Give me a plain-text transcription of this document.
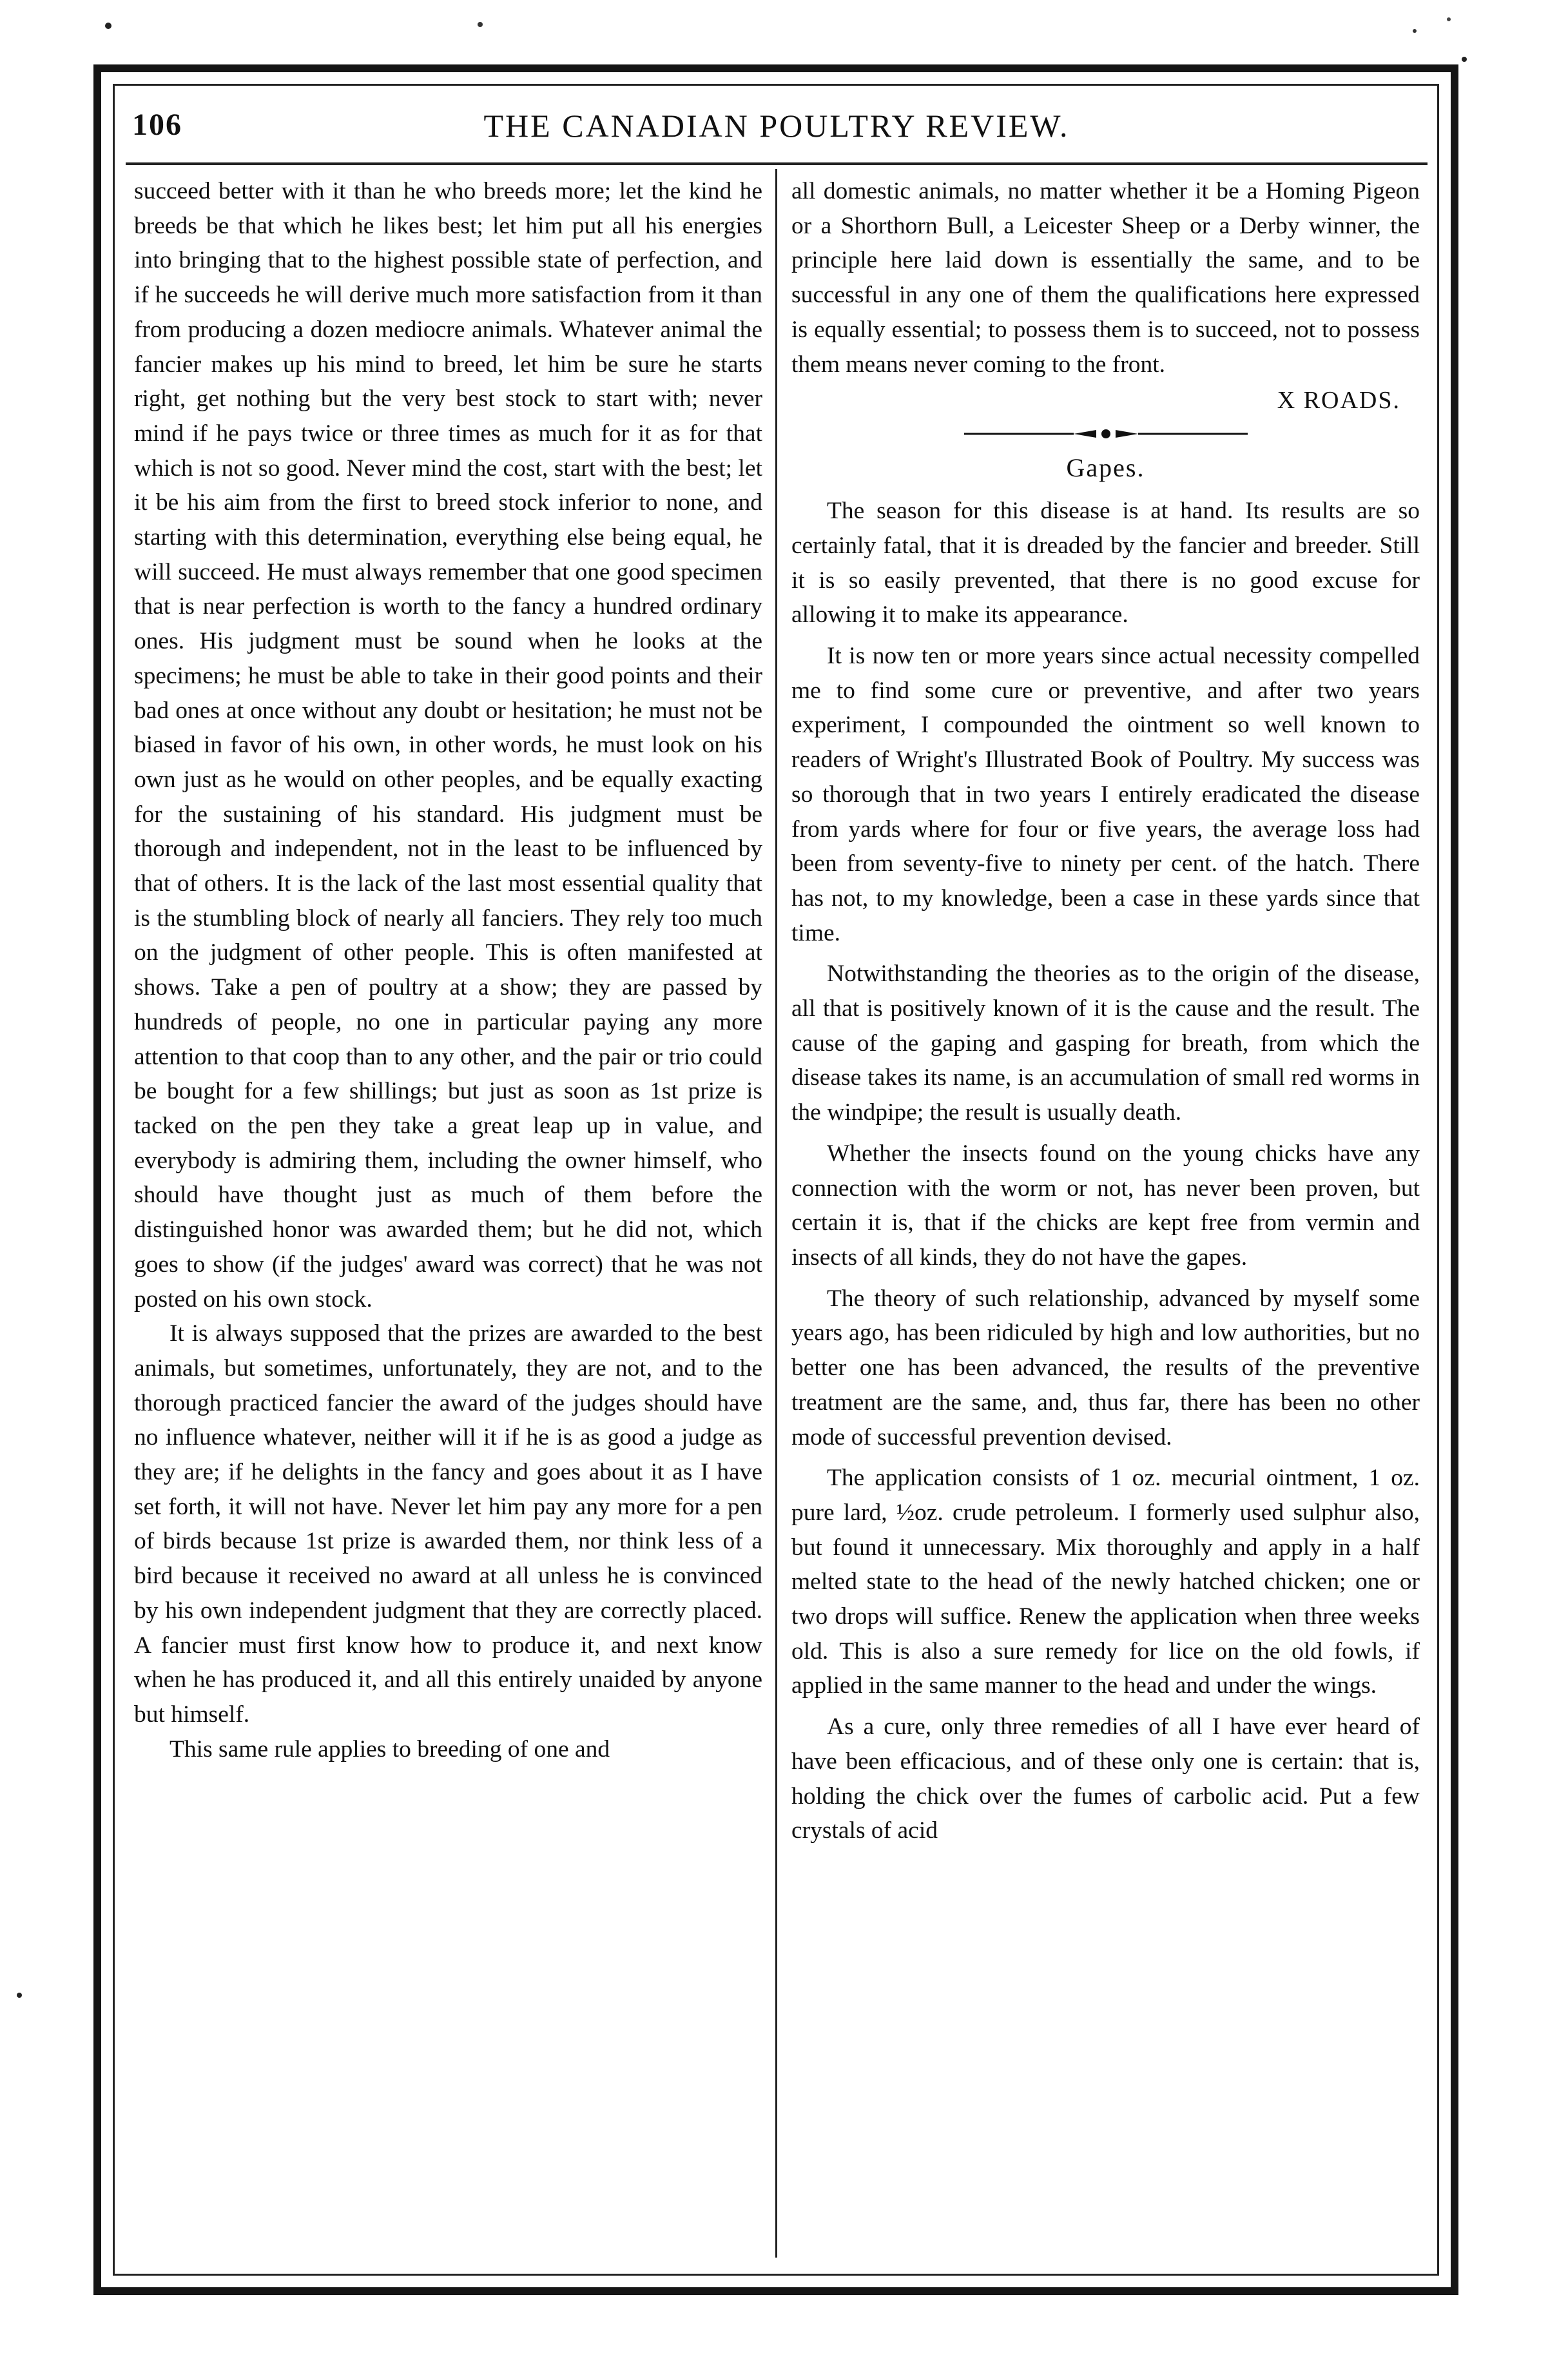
106	THE CANADIAN POULTRY REVIEW.

succeed better with it than he who breeds more; let the kind he breeds be that which he likes best; let him put all his energies into bringing that to the highest possible state of perfection, and if he succeeds he will derive much more satisfaction from it than from producing a dozen mediocre animals. Whatever animal the fancier makes up his mind to breed, let him be sure he starts right, get nothing but the very best stock to start with; never mind if he pays twice or three times as much for it as for that which is not so good. Never mind the cost, start with the best; let it be his aim from the first to breed stock inferior to none, and starting with this determination, everything else being equal, he will succeed. He must always remember that one good specimen that is near perfection is worth to the fancy a hundred ordinary ones. His judgment must be sound when he looks at the specimens; he must be able to take in their good points and their bad ones at once without any doubt or hesitation; he must not be biased in favor of his own, in other words, he must look on his own just as he would on other peoples, and be equally exacting for the sustaining of his standard. His judgment must be thorough and independent, not in the least to be influenced by that of others. It is the lack of the last most essential quality that is the stumbling block of nearly all fanciers. They rely too much on the judgment of other people. This is often manifested at shows. Take a pen of poultry at a show; they are passed by hundreds of people, no one in particular paying any more attention to that coop than to any other, and the pair or trio could be bought for a few shillings; but just as soon as 1st prize is tacked on the pen they take a great leap up in value, and everybody is admiring them, including the owner himself, who should have thought just as much of them before the distinguished honor was awarded them; but he did not, which goes to show (if the judges' award was correct) that he was not posted on his own stock.

It is always supposed that the prizes are awarded to the best animals, but sometimes, unfortunately, they are not, and to the thorough practiced fancier the award of the judges should have no influence whatever, neither will it if he is as good a judge as they are; if he delights in the fancy and goes about it as I have set forth, it will not have. Never let him pay any more for a pen of birds because 1st prize is awarded them, nor think less of a bird because it received no award at all unless he is convinced by his own independent judgment that they are correctly placed. A fancier must first know how to produce it, and next know when he has produced it, and all this entirely unaided by anyone but himself.

This same rule applies to breeding of one and

all domestic animals, no matter whether it be a Homing Pigeon or a Shorthorn Bull, a Leicester Sheep or a Derby winner, the principle here laid down is essentially the same, and to be successful in any one of them the qualifications here expressed is equally essential; to possess them is to succeed, not to possess them means never coming to the front.

X ROADS.
Gapes.

The season for this disease is at hand. Its results are so certainly fatal, that it is dreaded by the fancier and breeder. Still it is so easily prevented, that there is no good excuse for allowing it to make its appearance.

It is now ten or more years since actual necessity compelled me to find some cure or preventive, and after two years experiment, I compounded the ointment so well known to readers of Wright's Illustrated Book of Poultry. My success was so thorough that in two years I entirely eradicated the disease from yards where for four or five years, the average loss had been from seventy-five to ninety per cent. of the hatch. There has not, to my knowledge, been a case in these yards since that time.

Notwithstanding the theories as to the origin of the disease, all that is positively known of it is the cause and the result. The cause of the gaping and gasping for breath, from which the disease takes its name, is an accumulation of small red worms in the windpipe; the result is usually death.

Whether the insects found on the young chicks have any connection with the worm or not, has never been proven, but certain it is, that if the chicks are kept free from vermin and insects of all kinds, they do not have the gapes.

The theory of such relationship, advanced by myself some years ago, has been ridiculed by high and low authorities, but no better one has been advanced, the results of the preventive treatment are the same, and, thus far, there has been no other mode of successful prevention devised.

The application consists of 1 oz. mecurial ointment, 1 oz. pure lard, ½oz. crude petroleum. I formerly used sulphur also, but found it unnecessary. Mix thoroughly and apply in a half melted state to the head of the newly hatched chicken; one or two drops will suffice. Renew the application when three weeks old. This is also a sure remedy for lice on the old fowls, if applied in the same manner to the head and under the wings.

As a cure, only three remedies of all I have ever heard of have been efficacious, and of these only one is certain: that is, holding the chick over the fumes of carbolic acid. Put a few crystals of acid
